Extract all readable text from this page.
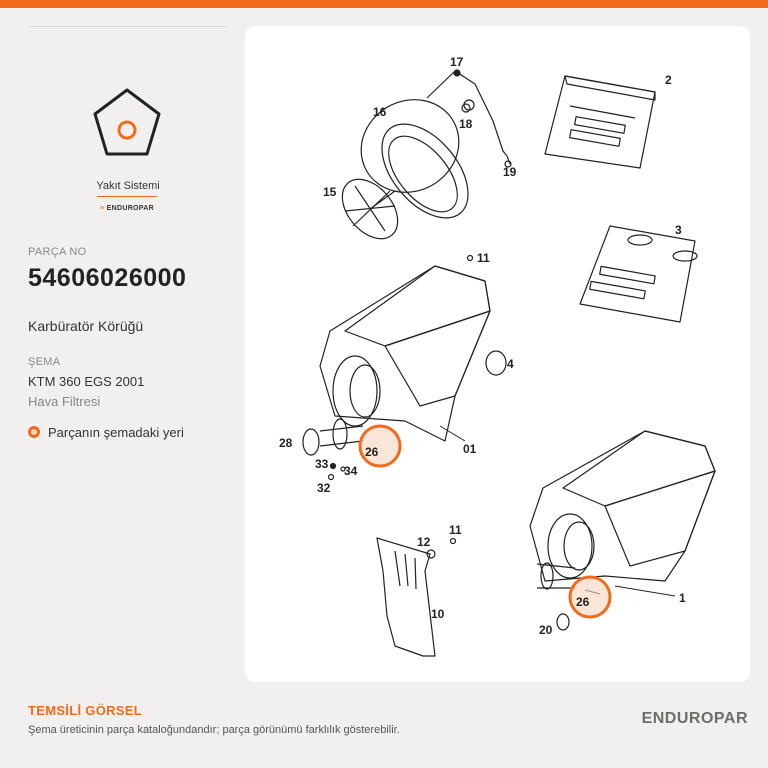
Yakıt Sistemi
≡ ENDUROPAR
PARÇA NO
54606026000
Karbüratör Körüğü
ŞEMA
KTM 360 EGS 2001
Hava Filtresi
Parçanın şemadaki yeri
17
2
16
18
19
15
3
11
4
28	01
26
33 34
32
12
11
10
1
26
20
TEMSİLİ GÖRSEL
Şema üreticinin parça kataloğundandır; parça görünümü farklılık gösterebilir.
ENDUROPAR
